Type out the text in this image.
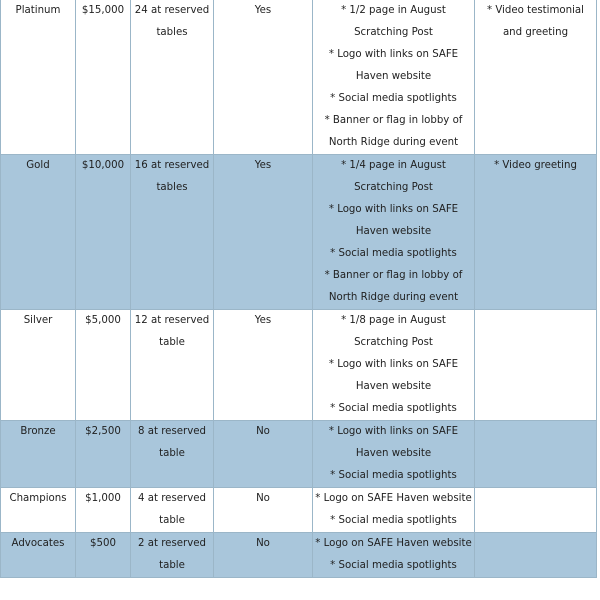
Platinum	$15,000	24 at reserved tables	Yes	* 1/2 page in August Scratching Post
* Logo with links on SAFE Haven website
* Social media spotlights
* Banner or flag in lobby of North Ridge during event	* Video testimonial and greeting
Gold	$10,000	16 at reserved tables	Yes	* 1/4 page in August Scratching Post
* Logo with links on SAFE Haven website
* Social media spotlights
* Banner or flag in lobby of North Ridge during event	* Video greeting
Silver	$5,000	12 at reserved table	Yes	* 1/8 page in August Scratching Post
* Logo with links on SAFE Haven website
* Social media spotlights	

Bronze	$2,500	8 at reserved table	No	* Logo with links on SAFE Haven website
* Social media spotlights	

Champions	$1,000	4 at reserved table	No	* Logo on SAFE Haven website
* Social media spotlights	

Advocates	$500	2 at reserved table	No	* Logo on SAFE Haven website
* Social media spotlights	
